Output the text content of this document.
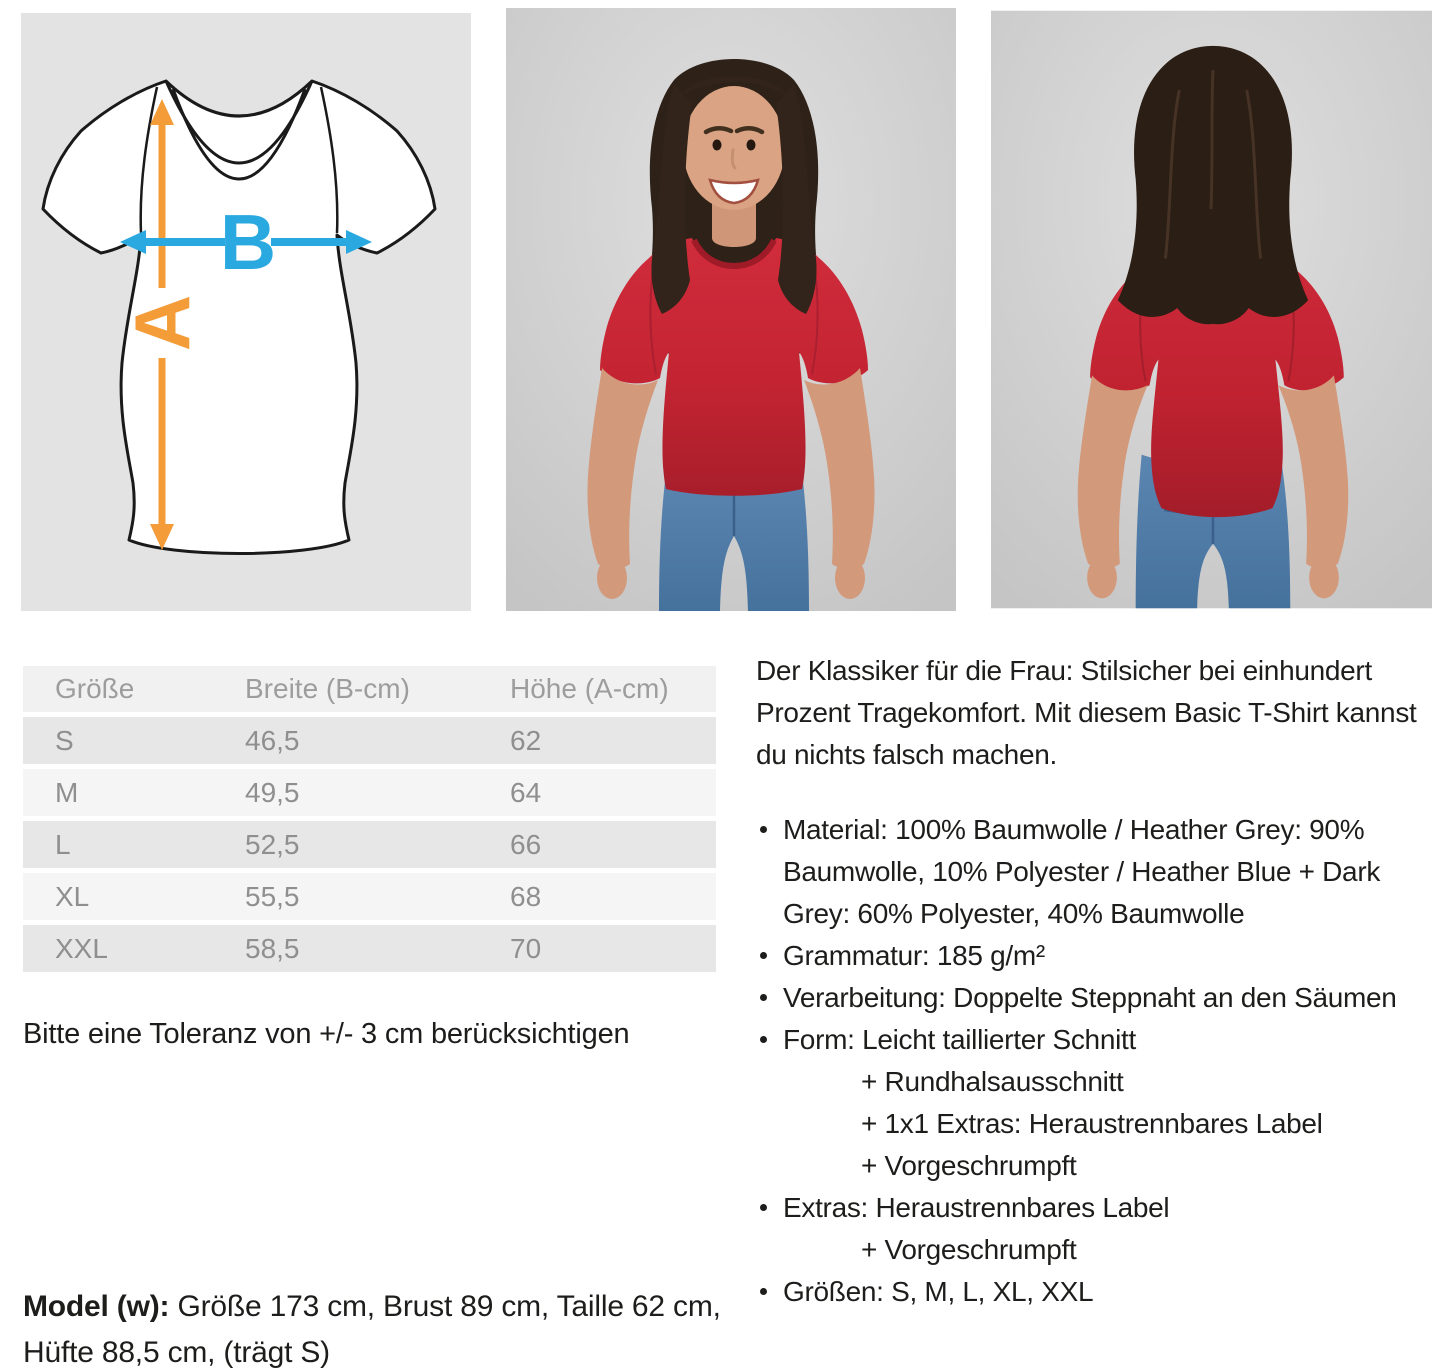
A
B
Größe	Breite (B-cm)	Höhe (A-cm)
S	46,5	62
M	49,5	64
L	52,5	66
XL	55,5	68
XXL	58,5	70
Bitte eine Toleranz von +/- 3 cm berücksichtigen
Model (w): Größe 173 cm, Brust 89 cm, Taille 62 cm, Hüfte 88,5 cm, (trägt S)

Der Klassiker für die Frau: Stilsicher bei einhundert Prozent Tragekomfort. Mit diesem Basic T-Shirt kannst du nichts falsch machen.

Material: 100% Baumwolle / Heather Grey: 90% Baumwolle, 10% Polyester / Heather Blue + Dark Grey: 60% Polyester, 40% Baumwolle
Grammatur: 185 g/m²
Verarbeitung: Doppelte Steppnaht an den Säumen
Form: Leicht taillierter Schnitt
+ Rundhalsausschnitt
+ 1x1 Extras: Heraustrennbares Label
+ Vorgeschrumpft
Extras: Heraustrennbares Label
+ Vorgeschrumpft
Größen: S, M, L, XL, XXL
